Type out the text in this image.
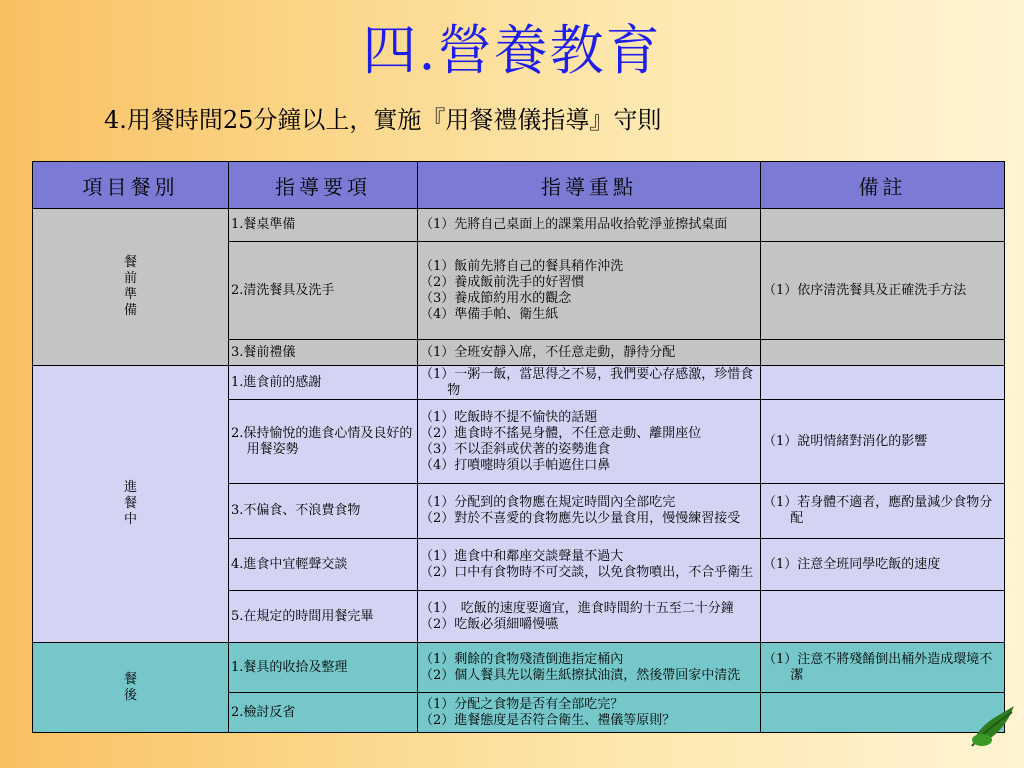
四.營養教育
4.用餐時間25分鐘以上，實施『用餐禮儀指導』守則
項目餐別	指導要項	指導重點	備註
餐前準備	1.餐桌準備	（1）先將自己桌面上的課業用品收拾乾淨並擦拭桌面	

	2.清洗餐具及洗手	（1）飯前先將自己的餐具稍作沖洗
（2）養成飯前洗手的好習慣
（3）養成節約用水的觀念
（4）準備手帕、衛生紙	（1）依序清洗餐具及正確洗手方法

	3.餐前禮儀	（1）全班安靜入席，不任意走動，靜待分配	

進餐中	1.進食前的感謝	（1）一粥一飯，當思得之不易，我們要心存感激，珍惜食物	

	2.保持愉悅的進食心情及良好的用餐姿勢	（1）吃飯時不提不愉快的話題
（2）進食時不搖晃身體，不任意走動、離開座位
（3）不以歪斜或伏著的姿勢進食
（4）打噴嚏時須以手帕遮住口鼻	（1）說明情緒對消化的影響

	3.不偏食、不浪費食物	（1）分配到的食物應在規定時間內全部吃完
（2）對於不喜愛的食物應先以少量食用，慢慢練習接受	（1）若身體不適者，應酌量減少食物分配

	4.進食中宜輕聲交談	（1）進食中和鄰座交談聲量不過大
（2）口中有食物時不可交談，以免食物噴出，不合乎衛生	（1）注意全班同學吃飯的速度

	5.在規定的時間用餐完畢	（1）　吃飯的速度要適宜，進食時間約十五至二十分鐘
（2）吃飯必須細嚼慢嚥	

餐後	1.餐具的收拾及整理	（1）剩餘的食物殘渣倒進指定桶內
（2）個人餐具先以衛生紙擦拭油漬，然後帶回家中清洗	（1）注意不將殘餚倒出桶外造成環境不潔

	2.檢討反省	（1）分配之食物是否有全部吃完？
（2）進餐態度是否符合衛生、禮儀等原則？	
